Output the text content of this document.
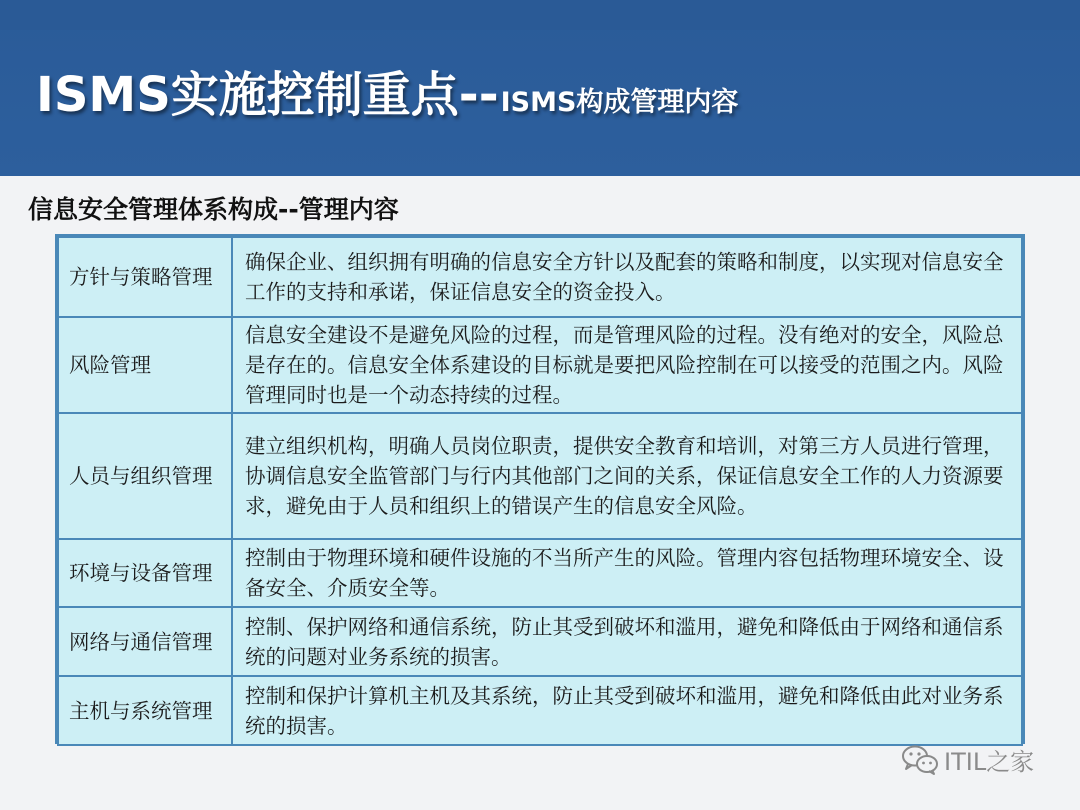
ISMS实施控制重点-- ISMS构成管理内容
信息安全管理体系构成--管理内容
方针与策略管理	确保企业、组织拥有明确的信息安全方针以及配套的策略和制度，以实现对信息安全工作的支持和承诺，保证信息安全的资金投入。
风险管理	信息安全建设不是避免风险的过程，而是管理风险的过程。没有绝对的安全，风险总是存在的。信息安全体系建设的目标就是要把风险控制在可以接受的范围之内。风险管理同时也是一个动态持续的过程。
人员与组织管理	建立组织机构，明确人员岗位职责，提供安全教育和培训，对第三方人员进行管理，协调信息安全监管部门与行内其他部门之间的关系，保证信息安全工作的人力资源要求，避免由于人员和组织上的错误产生的信息安全风险。
环境与设备管理	控制由于物理环境和硬件设施的不当所产生的风险。管理内容包括物理环境安全、设备安全、介质安全等。
网络与通信管理	控制、保护网络和通信系统，防止其受到破坏和滥用，避免和降低由于网络和通信系统的问题对业务系统的损害。
主机与系统管理	控制和保护计算机主机及其系统，防止其受到破坏和滥用，避免和降低由此对业务系统的损害。
ITIL之家
